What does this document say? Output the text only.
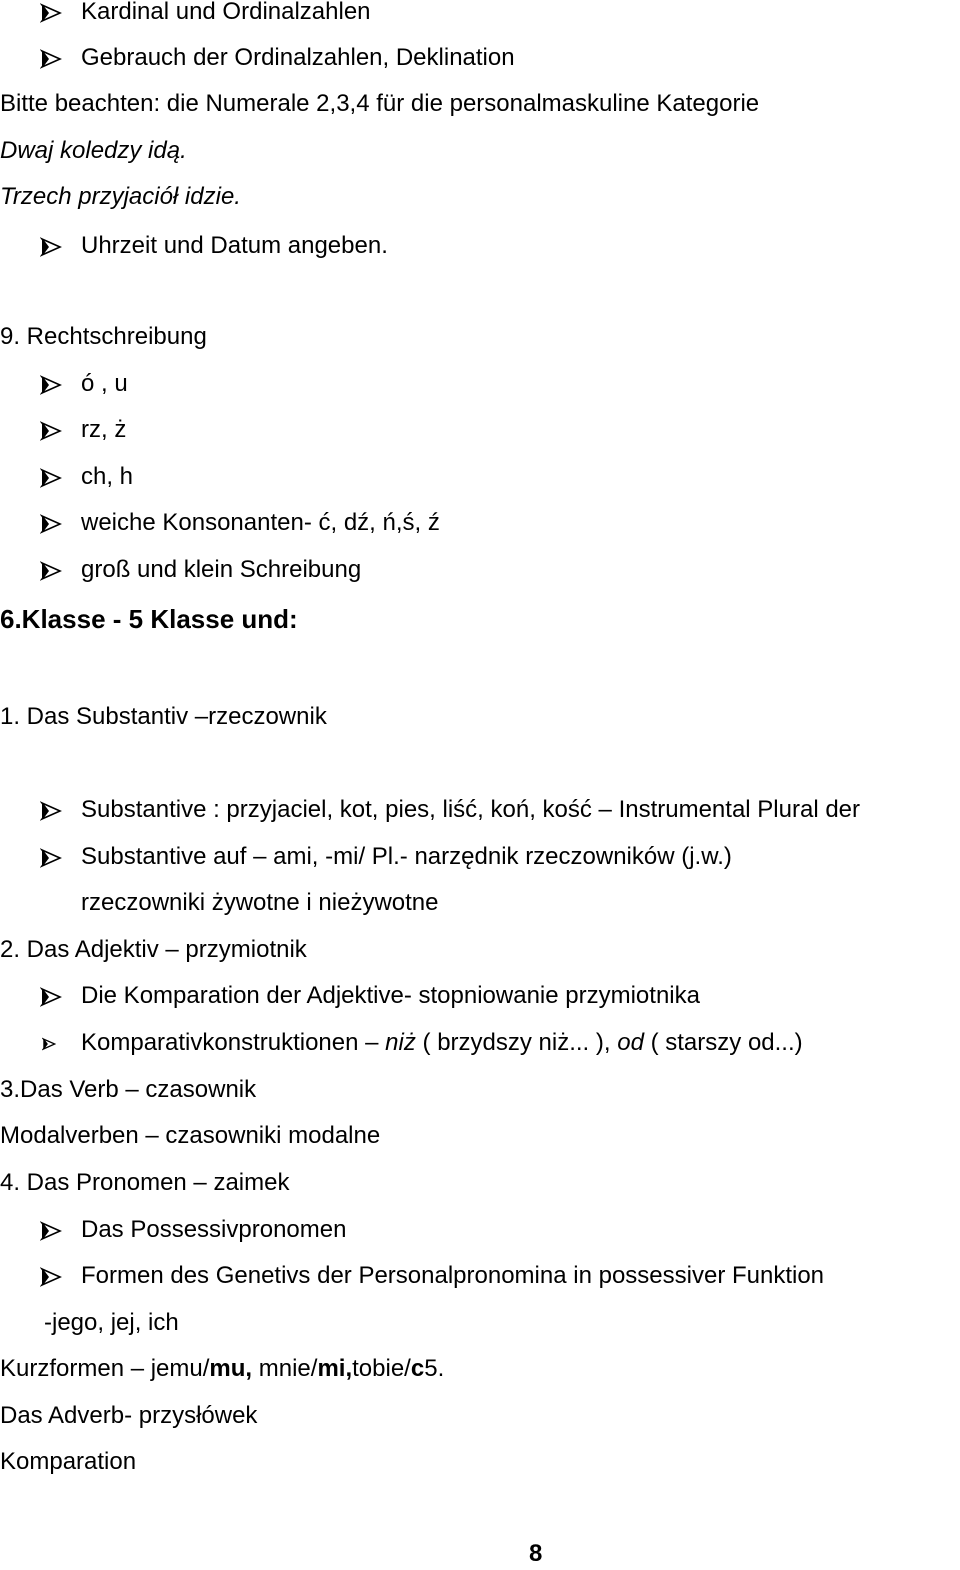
Kardinal und Ordinalzahlen
Gebrauch der Ordinalzahlen, Deklination
Bitte beachten: die Numerale 2,3,4 für die personalmaskuline Kategorie
Dwaj koledzy idą.
Trzech przyjaciół idzie.
Uhrzeit und Datum angeben.
9. Rechtschreibung
ó , u
rz, ż
ch, h
weiche Konsonanten- ć, dź, ń,ś, ź
groß und klein Schreibung
6.Klasse - 5 Klasse und:
1. Das Substantiv –rzeczownik
Substantive : przyjaciel, kot, pies, liść, koń, kość – Instrumental Plural der
Substantive auf – ami, -mi/ Pl.- narzędnik rzeczowników (j.w.)
rzeczowniki żywotne i nieżywotne
2. Das Adjektiv – przymiotnik
Die Komparation der Adjektive- stopniowanie przymiotnika
Komparativkonstruktionen – niż ( brzydszy niż... ), od ( starszy od...)
3.Das Verb – czasownik
Modalverben – czasowniki modalne
4. Das Pronomen – zaimek
Das Possessivpronomen
Formen des Genetivs der Personalpronomina in possessiver Funktion
-jego, jej, ich
Kurzformen – jemu/mu, mnie/mi,tobie/c5.
Das Adverb- przysłówek
Komparation
8
